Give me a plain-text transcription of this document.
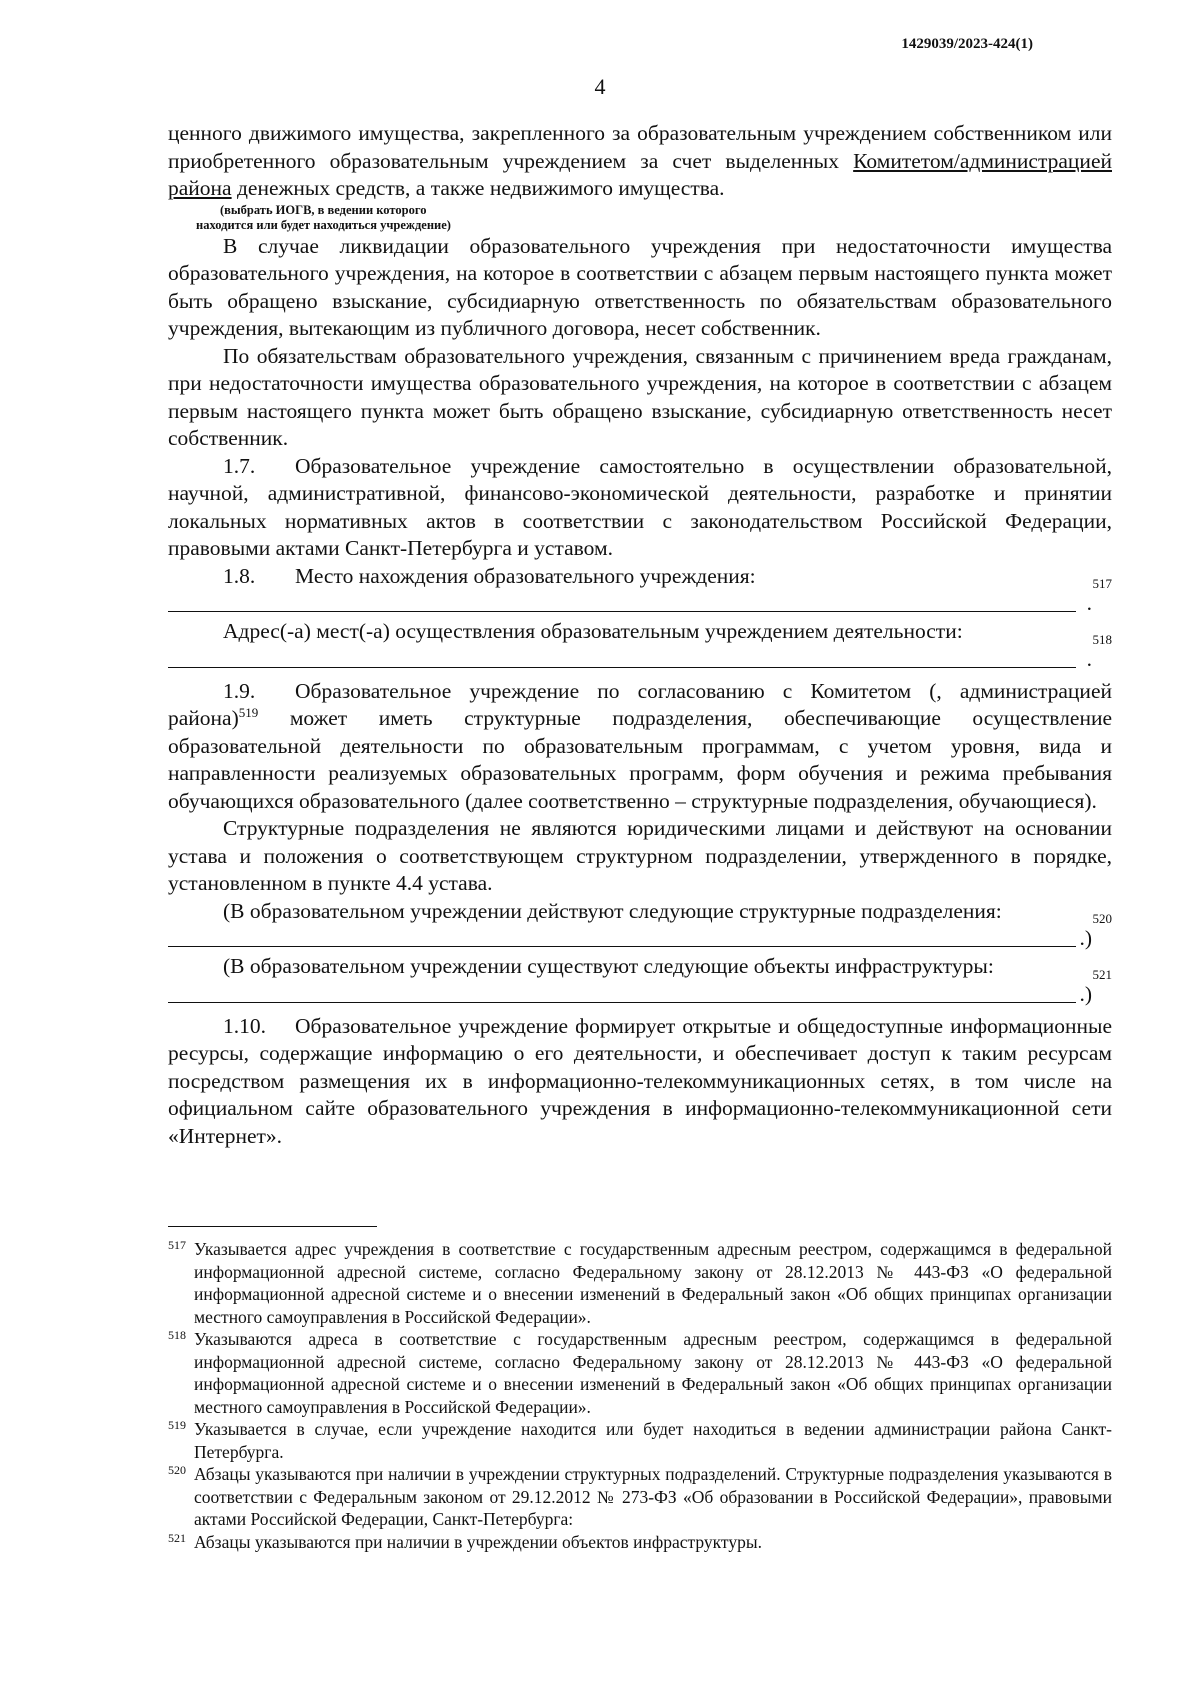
1429039/2023-424(1)
4

ценного движимого имущества, закрепленного за образовательным учреждением собственником или приобретенного образовательным учреждением за счет выделенных Комитетом/администрацией района денежных средств, а также недвижимого имущества.

(выбрать ИОГВ, в ведении которого

находится или будет находиться учреждение)

В случае ликвидации образовательного учреждения при недостаточности имущества образовательного учреждения, на которое в соответствии с абзацем первым настоящего пункта может быть обращено взыскание, субсидиарную ответственность по обязательствам образовательного учреждения, вытекающим из публичного договора, несет собственник.

По обязательствам образовательного учреждения, связанным с причинением вреда гражданам, при недостаточности имущества образовательного учреждения, на которое в соответствии с абзацем первым настоящего пункта может быть обращено взыскание, субсидиарную ответственность несет собственник.

1.7. Образовательное учреждение самостоятельно в осуществлении образовательной, научной, административной, финансово-экономической деятельности, разработке и принятии локальных нормативных актов в соответствии с законодательством Российской Федерации, правовыми актами Санкт-Петербурга и уставом.

1.8. Место нахождения образовательного учреждения:

.
517

Адрес(-а) мест(-а) осуществления образовательным учреждением деятельности:

.
518

1.9. Образовательное учреждение по согласованию с Комитетом (, администрацией района)$^{519}$ может иметь структурные подразделения, обеспечивающие осуществление образовательной деятельности по образовательным программам, с учетом уровня, вида и направленности реализуемых образовательных программ, форм обучения и режима пребывания обучающихся образовательного (далее соответственно – структурные подразделения, обучающиеся).

Структурные подразделения не являются юридическими лицами и действуют на основании устава и положения о соответствующем структурном подразделении, утвержденного в порядке, установленном в пункте 4.4 устава.

(В образовательном учреждении действуют следующие структурные подразделения:

.)
520

(В образовательном учреждении существуют следующие объекты инфраструктуры:

.)
521

1.10. Образовательное учреждение формирует открытые и общедоступные информационные ресурсы, содержащие информацию о его деятельности, и обеспечивает доступ к таким ресурсам посредством размещения их в информационно-телекоммуникационных сетях, в том числе на официальном сайте образовательного учреждения в информационно-телекоммуникационной сети «Интернет».

517 Указывается адрес учреждения в соответствие с государственным адресным реестром, содержащимся в федеральной информационной адресной системе, согласно Федеральному закону от 28.12.2013 № 443-ФЗ «О федеральной информационной адресной системе и о внесении изменений в Федеральный закон «Об общих принципах организации местного самоуправления в Российской Федерации».

518 Указываются адреса в соответствие с государственным адресным реестром, содержащимся в федеральной информационной адресной системе, согласно Федеральному закону от 28.12.2013 № 443-ФЗ «О федеральной информационной адресной системе и о внесении изменений в Федеральный закон «Об общих принципах организации местного самоуправления в Российской Федерации».

519 Указывается в случае, если учреждение находится или будет находиться в ведении администрации района Санкт-Петербурга.

520 Абзацы указываются при наличии в учреждении структурных подразделений. Структурные подразделения указываются в соответствии с Федеральным законом от 29.12.2012 № 273-ФЗ «Об образовании в Российской Федерации», правовыми актами Российской Федерации, Санкт-Петербурга:

521 Абзацы указываются при наличии в учреждении объектов инфраструктуры.
